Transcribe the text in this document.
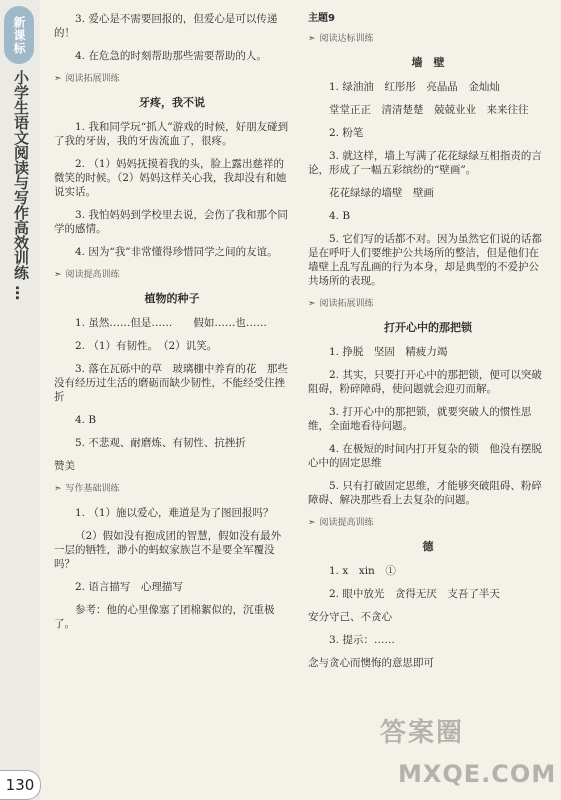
新课标
小学生语文阅读与写作高效训练 …
3. 爱心是不需要回报的，但爱心是可以传递的！
4. 在危急的时刻帮助那些需要帮助的人。
➣ 阅读拓展训练
牙疼，我不说
1. 我和同学玩“抓人”游戏的时候，好朋友碰到了我的牙齿，我的牙齿流血了，很疼。
2. （1）妈妈抚摸着我的头，脸上露出慈祥的微笑的时候。（2）妈妈这样关心我，我却没有和她说实话。
3. 我怕妈妈到学校里去说，会伤了我和那个同学的感情。
4. 因为“我”非常懂得珍惜同学之间的友谊。
➣ 阅读提高训练
植物的种子
1. 虽然……但是……　　假如……也……
2. （1）有韧性。　（2）讥笑。
3. 落在瓦砾中的草　玻璃棚中养育的花　那些没有经历过生活的磨砺而缺少韧性，不能经受住挫折
4. B
5. 不悲观、耐磨炼、有韧性、抗挫折
赞美
➣ 写作基础训练
1. （1）施以爱心，难道是为了图回报吗？
（2）假如没有抱成团的智慧，假如没有最外一层的牺牲，渺小的蚂蚁家族岂不是要全军覆没吗？
2. 语言描写　心理描写
参考：他的心里像塞了团棉絮似的，沉重极了。
主题9
➣ 阅读达标训练
墙　壁
1. 绿油油　红彤彤　亮晶晶　金灿灿
堂堂正正　清清楚楚　兢兢业业　来来往往
2. 粉笔
3. 就这样，墙上写满了花花绿绿互相指责的言论，形成了一幅五彩缤纷的“壁画”。
花花绿绿的墙壁　壁画
4. B
5. 它们写的话都不对。因为虽然它们说的话都是在呼吁人们要维护公共场所的整洁，但是他们在墙壁上乱写乱画的行为本身，却是典型的不爱护公共场所的表现。
➣ 阅读拓展训练
打开心中的那把锁
1. 挣脱　坚固　精疲力竭
2. 其实，只要打开心中的那把锁，便可以突破阻碍，粉碎障碍，使问题就会迎刃而解。
3. 打开心中的那把锁，就要突破人的惯性思维，全面地看待问题。
4. 在极短的时间内打开复杂的锁　他没有摆脱心中的固定思维
5. 只有打破固定思维，才能够突破阻碍、粉碎障碍、解决那些看上去复杂的问题。
➣ 阅读提高训练
德
1. x　xin　①
2. 眼中放光　贪得无厌　支吾了半天
安分守己、不贪心
3. 提示：……
念与贪心而懊悔的意思即可
130
答案圈
MXQE.COM
